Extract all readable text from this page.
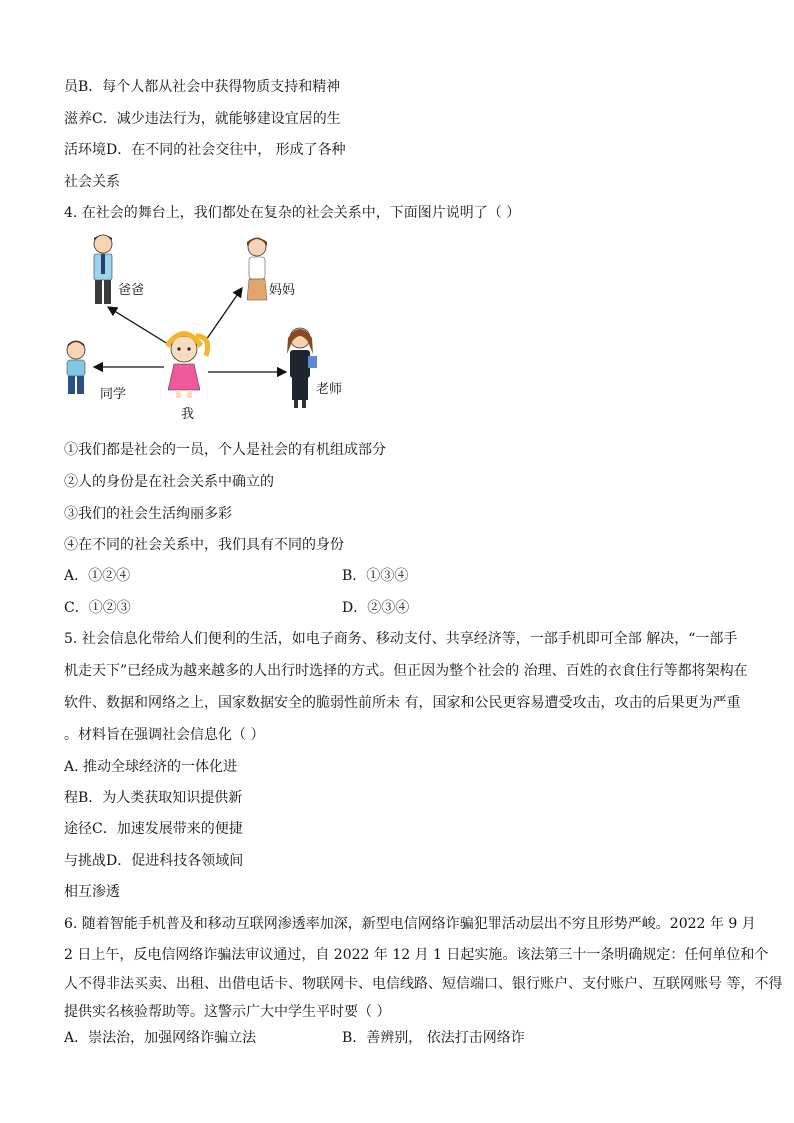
员B．每个人都从社会中获得物质支持和精神
滋养C．减少违法行为，就能够建设宜居的生
活环境D．在不同的社会交往中， 形成了各种
社会关系
4. 在社会的舞台上，我们都处在复杂的社会关系中，下面图片说明了（ ）
爸爸	妈妈
同学
我
老师
①我们都是社会的一员，个人是社会的有机组成部分
②人的身份是在社会关系中确立的
③我们的社会生活绚丽多彩
④在不同的社会关系中，我们具有不同的身份
A．①②④	B．①③④
C．①②③	D．②③④
5. 社会信息化带给人们便利的生活，如电子商务、移动支付、共享经济等，一部手机即可全部 解决，“一部手
机走天下”已经成为越来越多的人出行时选择的方式。但正因为整个社会的 治理、百姓的衣食住行等都将架构在
软件、数据和网络之上，国家数据安全的脆弱性前所未 有，国家和公民更容易遭受攻击，攻击的后果更为严重
。材料旨在强调社会信息化（ ）
A. 推动全球经济的一体化进
程B．为人类获取知识提供新
途径C．加速发展带来的便捷
与挑战D．促进科技各领域间
相互渗透
6. 随着智能手机普及和移动互联网渗透率加深，新型电信网络诈骗犯罪活动层出不穷且形势严峻。2022 年 9 月
2 日上午，反电信网络诈骗法审议通过，自 2022 年 12 月 1 日起实施。该法第三十一条明确规定：任何单位和个
人不得非法买卖、出租、出借电话卡、物联网卡、电信线路、短信端口、银行账户、支付账户、互联网账号 等，不得
提供实名核验帮助等。这警示广大中学生平时要（ ）
A．崇法治，加强网络诈骗立法	B．善辨别， 依法打击网络诈
